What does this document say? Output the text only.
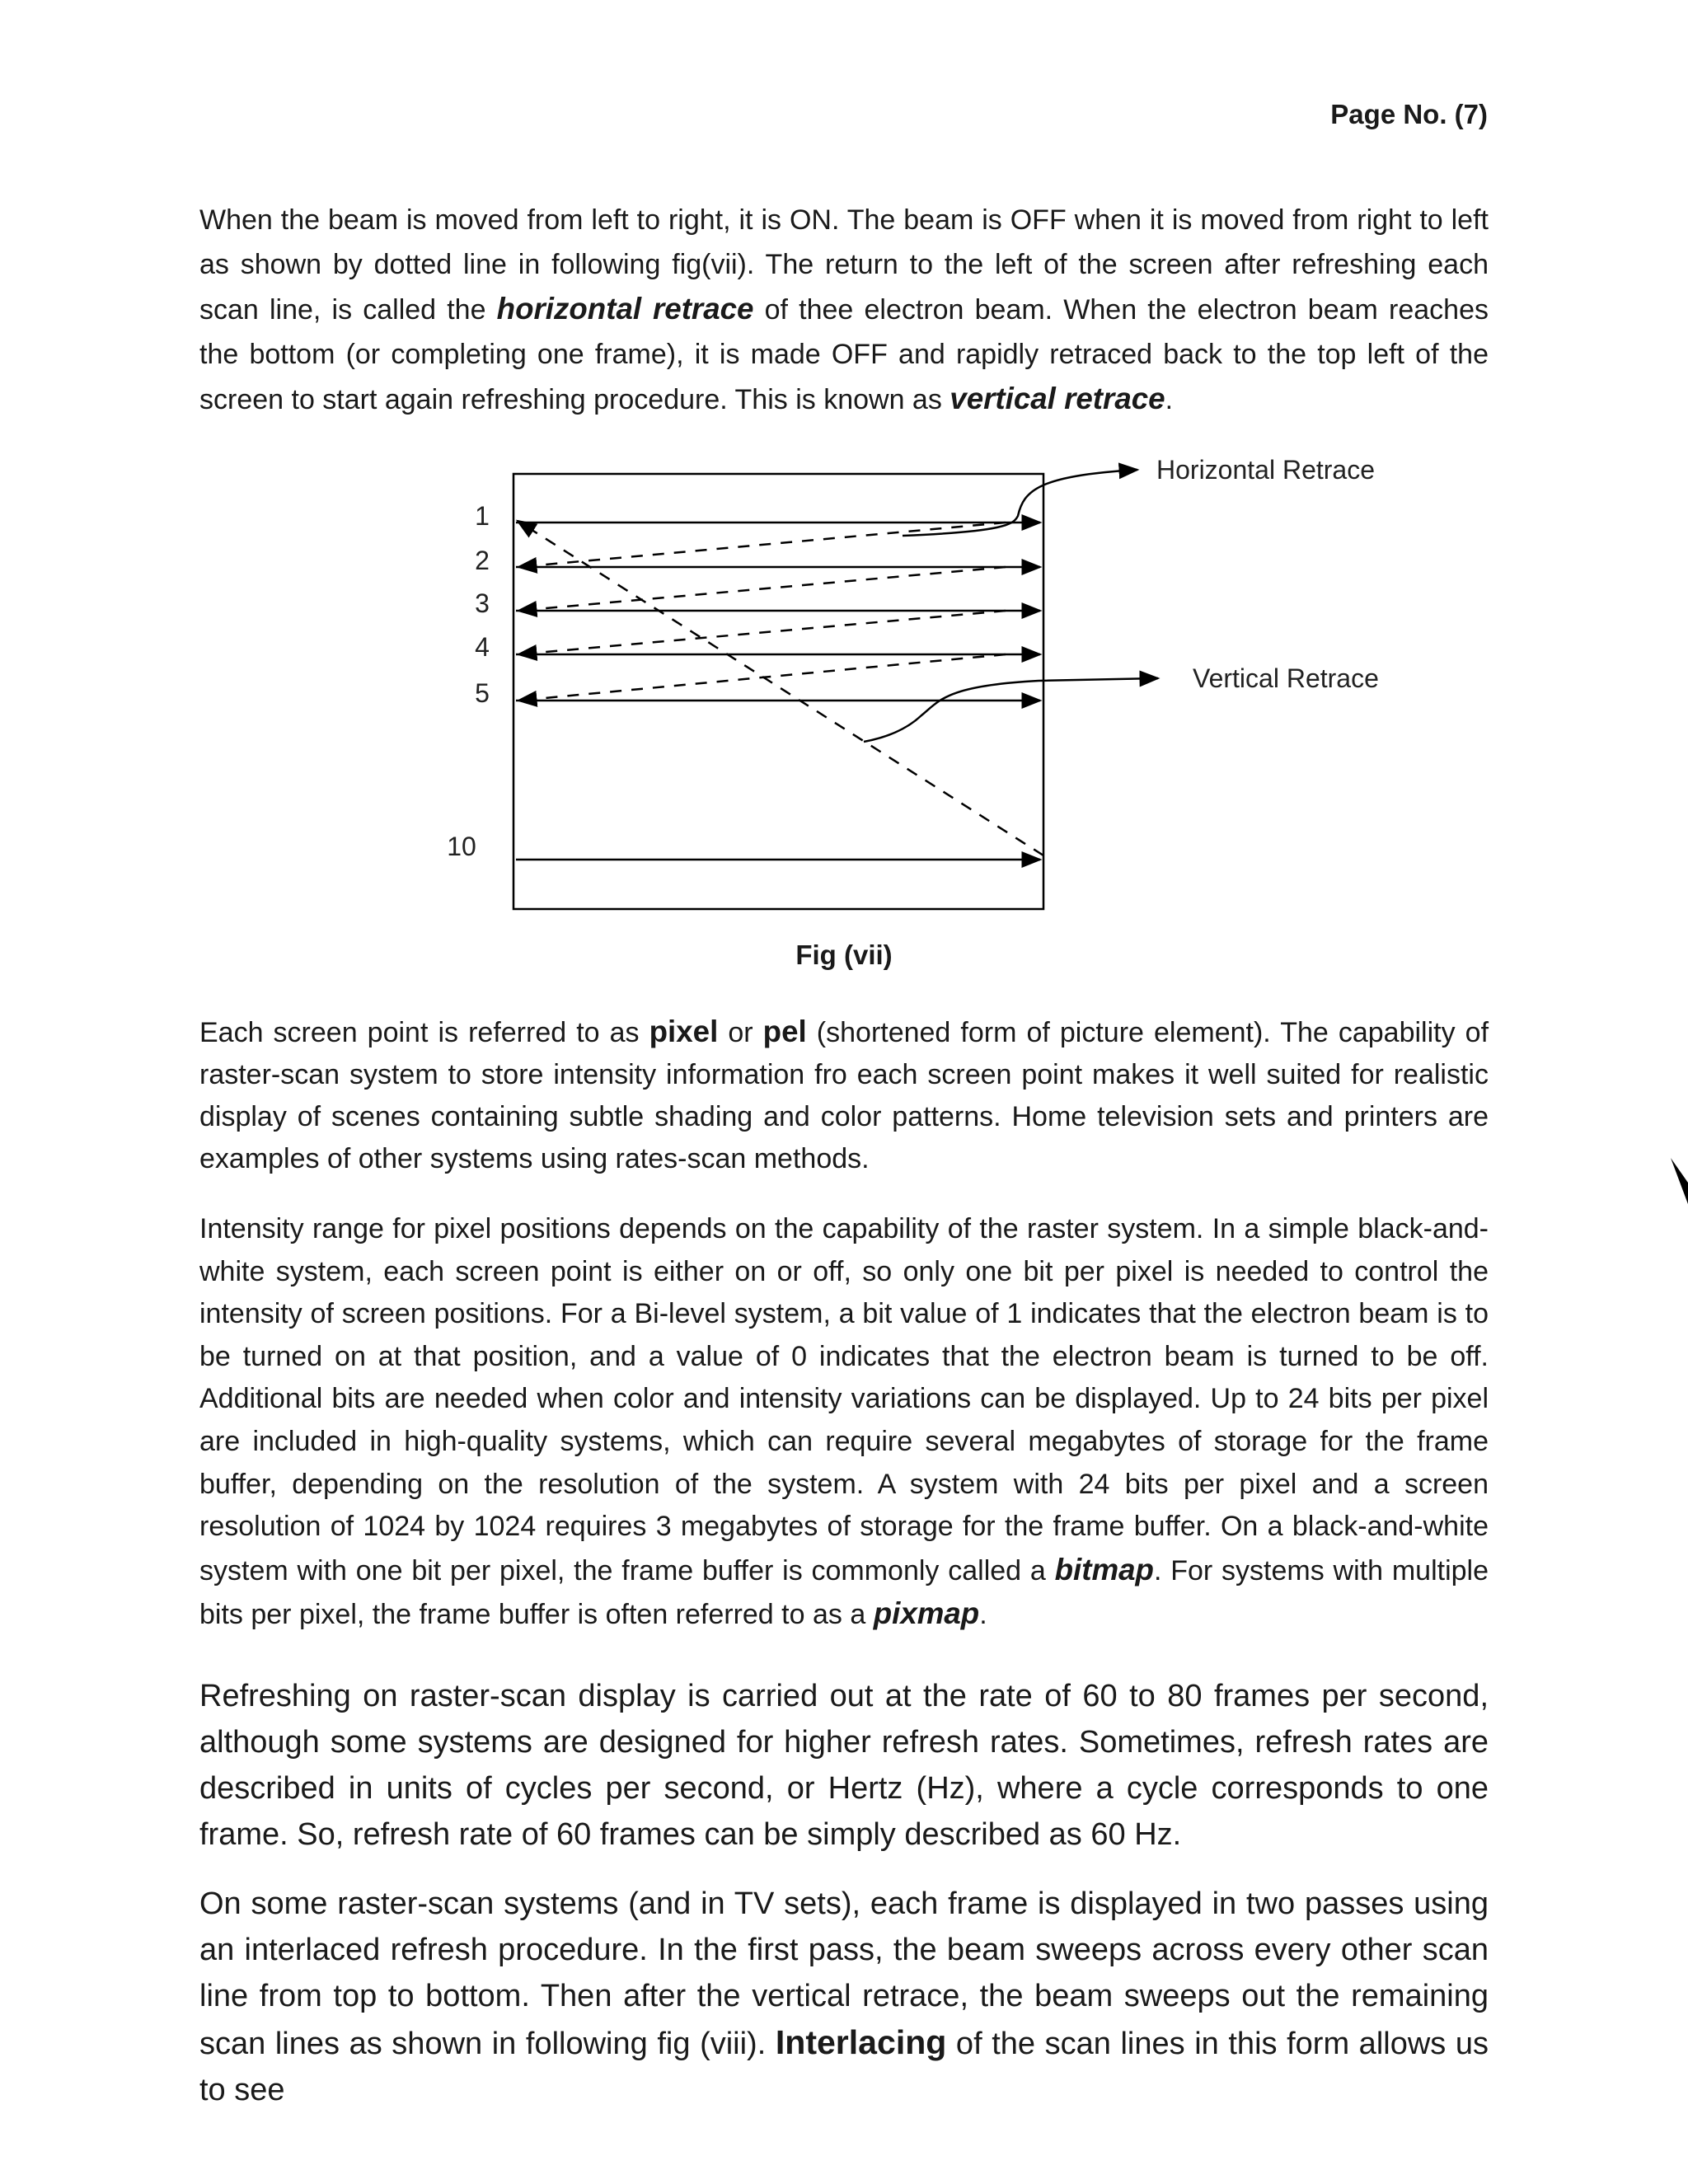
Page No. (7)

When the beam is moved from left to right, it is ON. The beam is OFF when it is moved from right to left as shown by dotted line in following fig(vii). The return to the left of the screen after refreshing each scan line, is called the horizontal retrace of thee electron beam. When the electron beam reaches the bottom (or completing one frame), it is made OFF and rapidly retraced back to the top left of the screen to start again refreshing procedure. This is known as vertical retrace.

1
2
3
4
5
10
Horizontal Retrace
Vertical Retrace
Fig (vii)

Each screen point is referred to as pixel or pel (shortened form of picture element). The capability of raster-scan system to store intensity information fro each screen point makes it well suited for realistic display of scenes containing subtle shading and color patterns. Home television sets and printers are examples of other systems using rates-scan methods.

Intensity range for pixel positions depends on the capability of the raster system. In a simple black-and-white system, each screen point is either on or off, so only one bit per pixel is needed to control the intensity of screen positions. For a Bi-level system, a bit value of 1 indicates that the electron beam is to be turned on at that position, and a value of 0 indicates that the electron beam is turned to be off. Additional bits are needed when color and intensity variations can be displayed. Up to 24 bits per pixel are included in high-quality systems, which can require several megabytes of storage for the frame buffer, depending on the resolution of the system. A system with 24 bits per pixel and a screen resolution of 1024 by 1024 requires 3 megabytes of storage for the frame buffer. On a black-and-white system with one bit per pixel, the frame buffer is commonly called a bitmap. For systems with multiple bits per pixel, the frame buffer is often referred to as a pixmap.

Refreshing on raster-scan display is carried out at the rate of 60 to 80 frames per second, although some systems are designed for higher refresh rates. Sometimes, refresh rates are described in units of cycles per second, or Hertz (Hz), where a cycle corresponds to one frame. So, refresh rate of 60 frames can be simply described as 60 Hz.

On some raster-scan systems (and in TV sets), each frame is displayed in two passes using an interlaced refresh procedure. In the first pass, the beam sweeps across every other scan line from top to bottom. Then after the vertical retrace, the beam sweeps out the remaining scan lines as shown in following fig (viii). Interlacing of the scan lines in this form allows us to see
